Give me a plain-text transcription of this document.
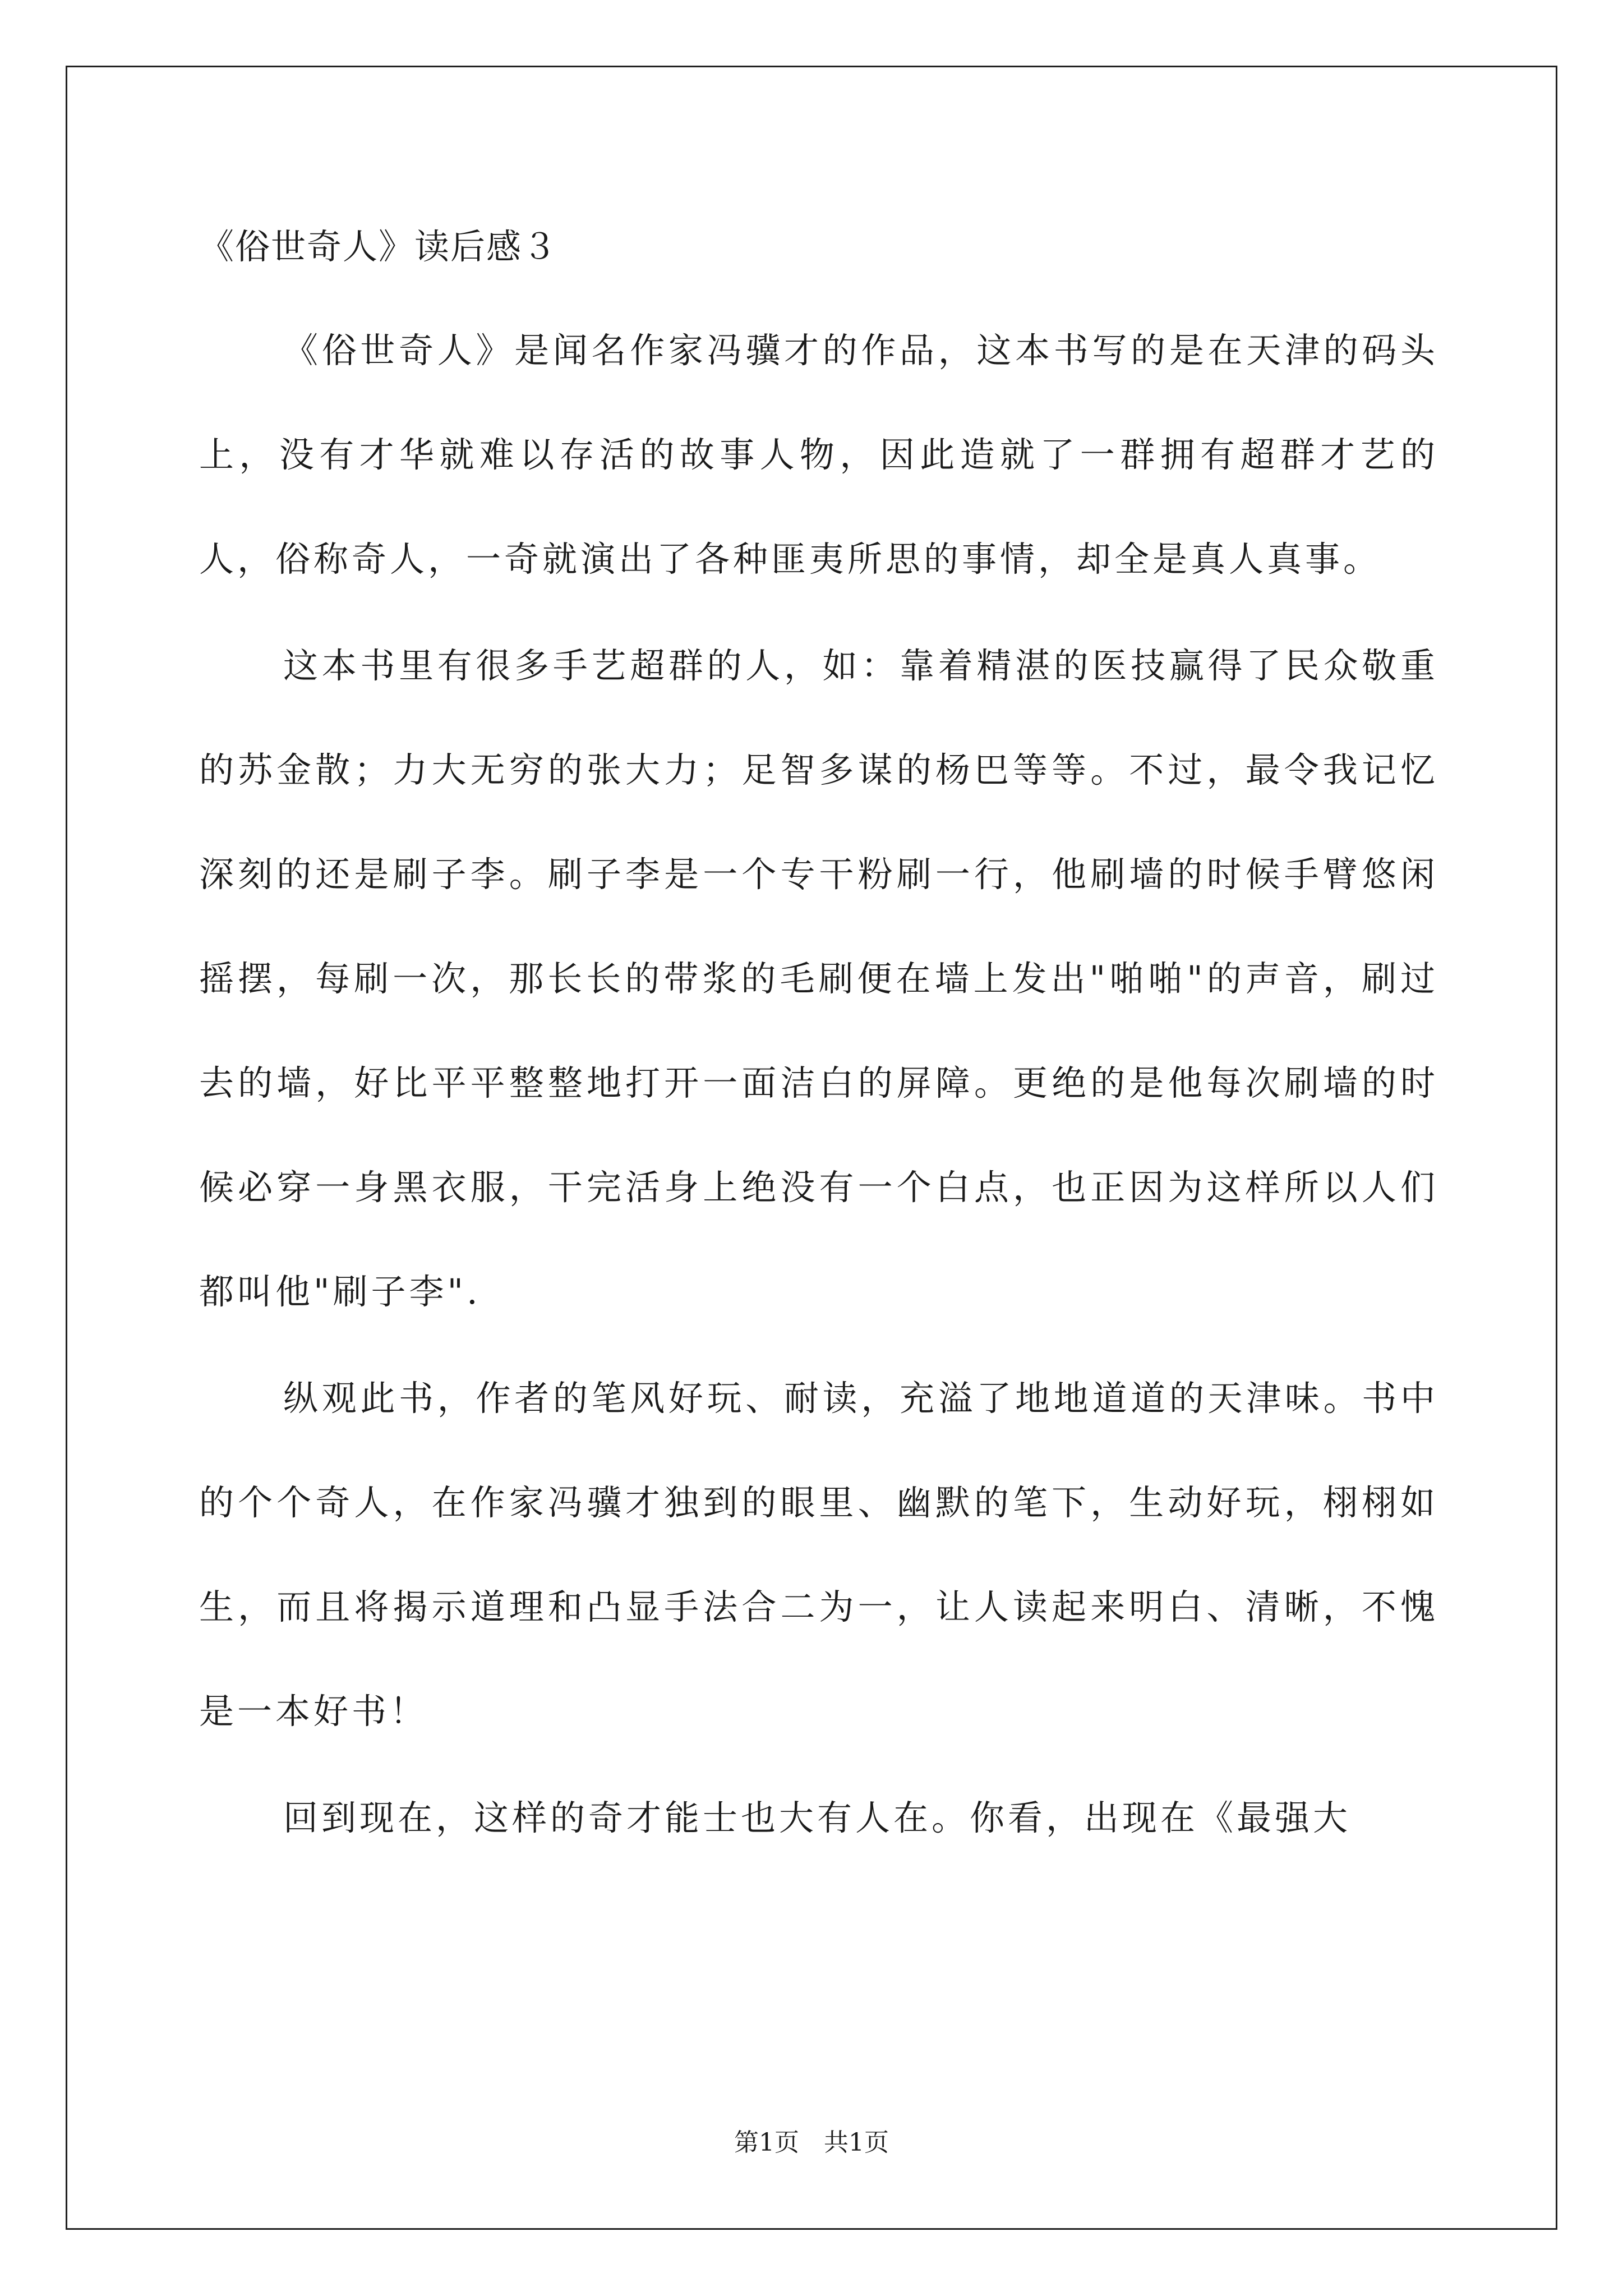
《俗世奇人》读后感３

《俗世奇人》是闻名作家冯骥才的作品，这本书写的是在天津的码头上，没有才华就难以存活的故事人物，因此造就了一群拥有超群才艺的人，俗称奇人，一奇就演出了各种匪夷所思的事情，却全是真人真事。

这本书里有很多手艺超群的人，如：靠着精湛的医技赢得了民众敬重的苏金散；力大无穷的张大力；足智多谋的杨巴等等。不过，最令我记忆深刻的还是刷子李。刷子李是一个专干粉刷一行，他刷墙的时候手臂悠闲摇摆，每刷一次，那长长的带浆的毛刷便在墙上发出"啪啪"的声音，刷过去的墙，好比平平整整地打开一面洁白的屏障。更绝的是他每次刷墙的时候必穿一身黑衣服，干完活身上绝没有一个白点，也正因为这样所以人们都叫他"刷子李".

纵观此书，作者的笔风好玩、耐读，充溢了地地道道的天津味。书中的个个奇人，在作家冯骥才独到的眼里、幽默的笔下，生动好玩，栩栩如生，而且将揭示道理和凸显手法合二为一，让人读起来明白、清晰，不愧是一本好书！

回到现在，这样的奇才能士也大有人在。你看，出现在《最强大

第1页　共1页
